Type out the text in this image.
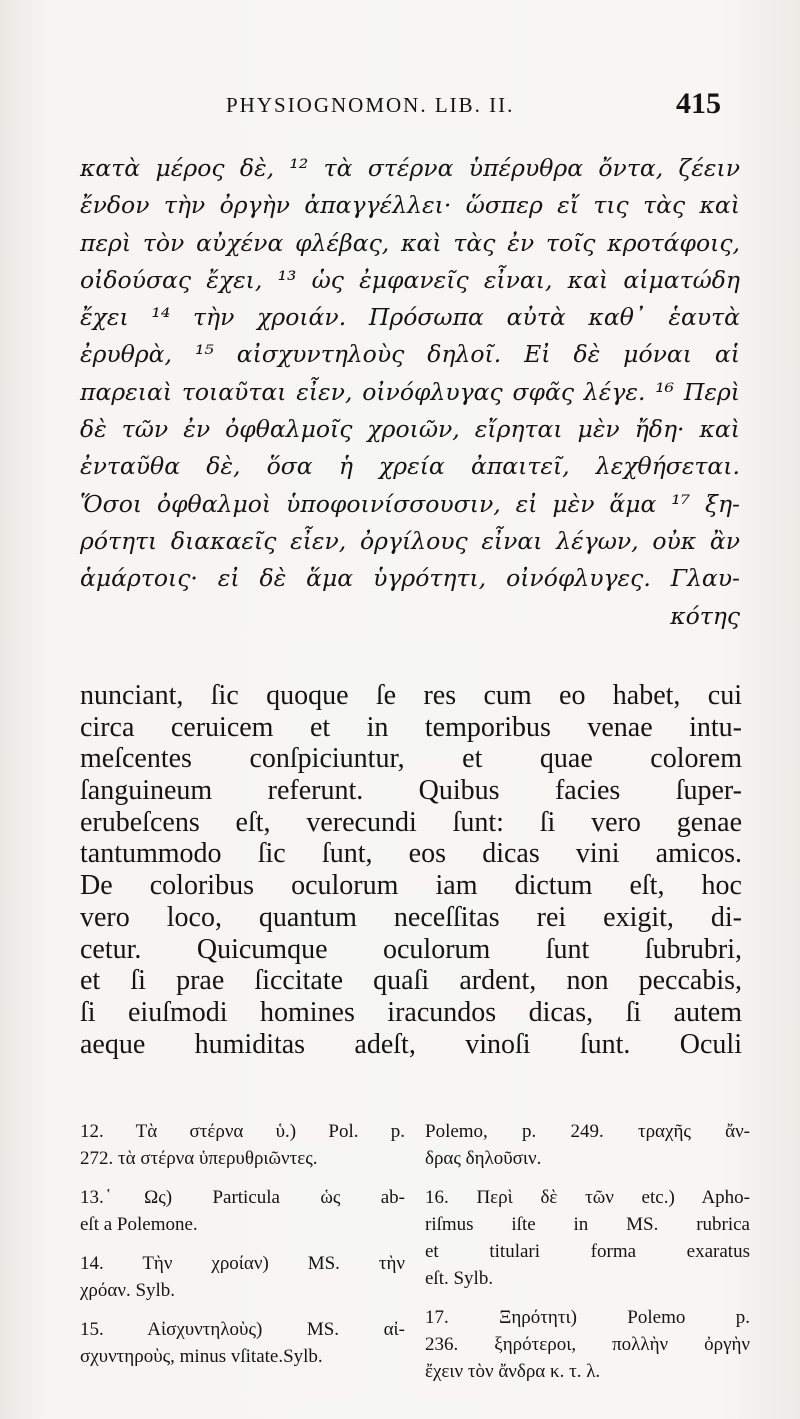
PHYSIOGNOMON. LIB. II.	415
κατὰ μέρος δὲ, ¹² τὰ στέρνα ὑπέρυθρα ὄντα, ζέειν
ἔνδον τὴν ὀργὴν ἀπαγγέλλει· ὥσπερ εἴ τις τὰς καὶ
περὶ τὸν αὐχένα φλέβας, καὶ τὰς ἐν τοῖς κροτάφοις,
οἰδούσας ἔχει, ¹³ ὡς ἐμφανεῖς εἶναι, καὶ αἱματώδη
ἔχει ¹⁴ τὴν χροιάν. Πρόσωπα αὐτὰ καθ᾽ ἑαυτὰ
ἐρυθρὰ, ¹⁵ αἰσχυντηλοὺς δηλοῖ. Εἰ δὲ μόναι αἱ
παρειαὶ τοιαῦται εἶεν, οἰνόφλυγας σφᾶς λέγε. ¹⁶ Περὶ
δὲ τῶν ἐν ὀφθαλμοῖς χροιῶν, εἴρηται μὲν ἤδη· καὶ
ἐνταῦθα δὲ, ὅσα ἡ χρεία ἀπαιτεῖ, λεχθήσεται.
Ὅσοι ὀφθαλμοὶ ὑποφοινίσσουσιν, εἰ μὲν ἅμα ¹⁷ ξη-
ρότητι διακαεῖς εἶεν, ὀργίλους εἶναι λέγων, οὐκ ἂν
ἁμάρτοις· εἰ δὲ ἅμα ὑγρότητι, οἰνόφλυγες. Γλαυ-
κότης
nunciant, ſic quoque ſe res cum eo habet, cui
circa ceruicem et in temporibus venae intu-
meſcentes conſpiciuntur, et quae colorem
ſanguineum referunt. Quibus facies ſuper-
erubeſcens eſt, verecundi ſunt: ſi vero genae
tantummodo ſic ſunt, eos dicas vini amicos.
De coloribus oculorum iam dictum eſt, hoc
vero loco, quantum neceſſitas rei exigit, di-
cetur. Quicumque oculorum ſunt ſubrubri,
et ſi prae ſiccitate quaſi ardent, non peccabis,
ſi eiuſmodi homines iracundos dicas, ſi autem
aeque humiditas adeſt, vinoſi ſunt. Oculi
12. Τὰ στέρνα ὑ.) Pol. p.
272. τὰ στέρνα ὑπερυθριῶντες.
13. ̔Ως) Particula ὡς ab-
eſt a Polemone.
14. Τὴν χροίαν) MS. τὴν
χρόαν. Sylb.
15. Αἰσχυντηλοὺς) MS. αἰ-
σχυντηροὺς, minus vſitate.Sylb.
Polemo, p. 249. τραχῆς ἄν-
δρας δηλοῦσιν.
16. Περὶ δὲ τῶν etc.) Apho-
riſmus iſte in MS. rubrica
et titulari forma exaratus
eſt. Sylb.
17. Ξηρότητι) Polemo p.
236. ξηρότεροι, πολλὴν ὀργὴν
ἔχειν τὸν ἄνδρα κ. τ. λ.
